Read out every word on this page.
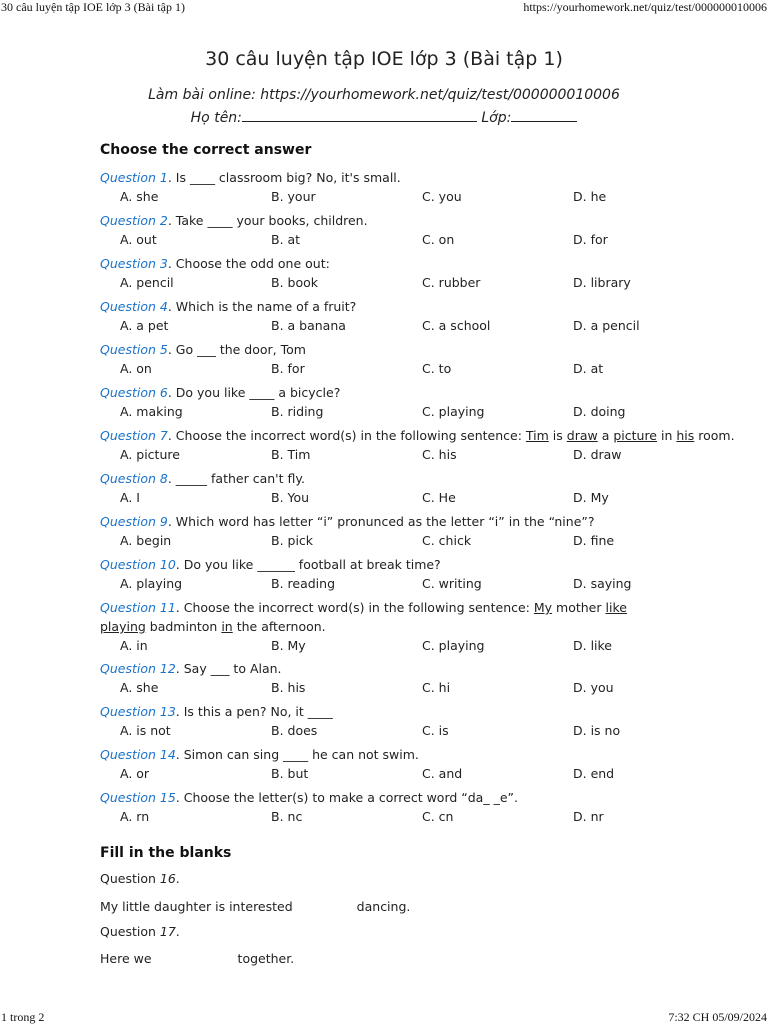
30 câu luyện tập IOE lớp 3 (Bài tập 1)	https://yourhomework.net/quiz/test/000000010006
30 câu luyện tập IOE lớp 3 (Bài tập 1)
Làm bài online: https://yourhomework.net/quiz/test/000000010006
Họ tên:	Lớp:
Choose the correct answer
Question 1. Is ____ classroom big? No, it's small.
A. she	B. your	C. you	D. he
Question 2. Take ____ your books, children.
A. out	B. at	C. on	D. for
Question 3. Choose the odd one out:
A. pencil	B. book	C. rubber	D. library
Question 4. Which is the name of a fruit?
A. a pet	B. a banana	C. a school	D. a pencil
Question 5. Go ___ the door, Tom
A. on	B. for	C. to	D. at
Question 6. Do you like ____ a bicycle?
A. making	B. riding	C. playing	D. doing
Question 7. Choose the incorrect word(s) in the following sentence: Tim is draw a picture in his room.
A. picture	B. Tim	C. his	D. draw
Question 8. _____ father can't fly.
A. I	B. You	C. He	D. My
Question 9. Which word has letter “i” pronunced as the letter “i” in the “nine”?
A. begin	B. pick	C. chick	D. fine
Question 10. Do you like ______ football at break time?
A. playing	B. reading	C. writing	D. saying
Question 11. Choose the incorrect word(s) in the following sentence: My mother like playing badminton in the afternoon.
A. in	B. My	C. playing	D. like
Question 12. Say ___ to Alan.
A. she	B. his	C. hi	D. you
Question 13. Is this a pen? No, it ____
A. is not	B. does	C. is	D. is no
Question 14. Simon can sing ____ he can not swim.
A. or	B. but	C. and	D. end
Question 15. Choose the letter(s) to make a correct word “da_ _e”.
A. rn	B. nc	C. cn	D. nr
Fill in the blanks
Question 16.
My little daughter is interested	dancing.
Question 17.
Here we	together.
1 trong 2	7:32 CH 05/09/2024
